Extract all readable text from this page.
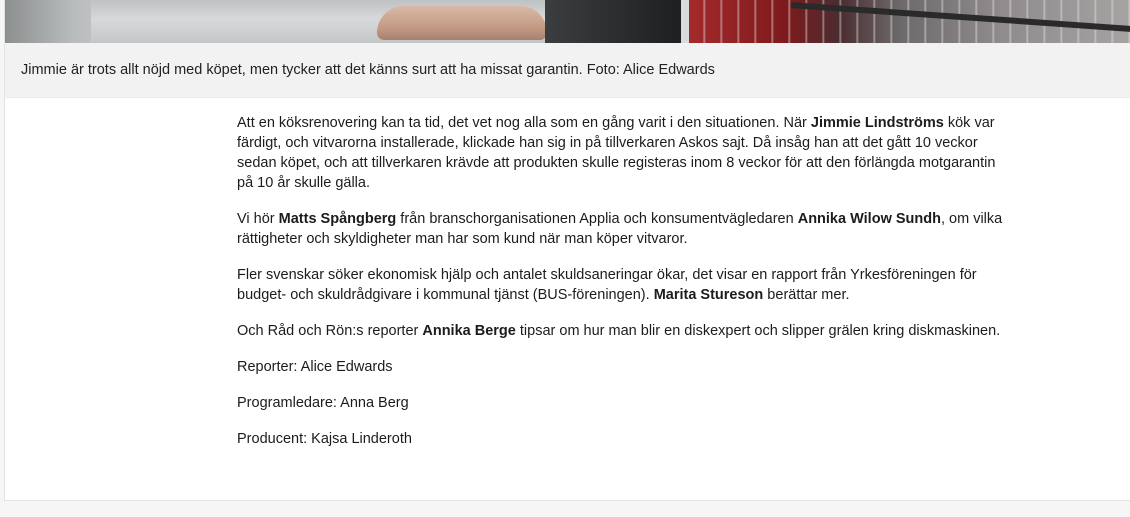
Jimmie är trots allt nöjd med köpet, men tycker att det känns surt att ha missat garantin. Foto: Alice Edwards

Att en köksrenovering kan ta tid, det vet nog alla som en gång varit i den situationen. När Jimmie Lindströms kök var färdigt, och vitvarorna installerade, klickade han sig in på tillverkaren Askos sajt. Då insåg han att det gått 10 veckor sedan köpet, och att tillverkaren krävde att produkten skulle registeras inom 8 veckor för att den förlängda motgarantin på 10 år skulle gälla.

Vi hör Matts Spångberg från branschorganisationen Applia och konsumentvägledaren Annika Wilow Sundh, om vilka rättigheter och skyldigheter man har som kund när man köper vitvaror.

Fler svenskar söker ekonomisk hjälp och antalet skuldsaneringar ökar, det visar en rapport från Yrkesföreningen för budget- och skuldrådgivare i kommunal tjänst (BUS-föreningen). Marita Stureson berättar mer.

Och Råd och Rön:s reporter Annika Berge tipsar om hur man blir en diskexpert och slipper grälen kring diskmaskinen.

Reporter: Alice Edwards

Programledare: Anna Berg

Producent: Kajsa Linderoth
